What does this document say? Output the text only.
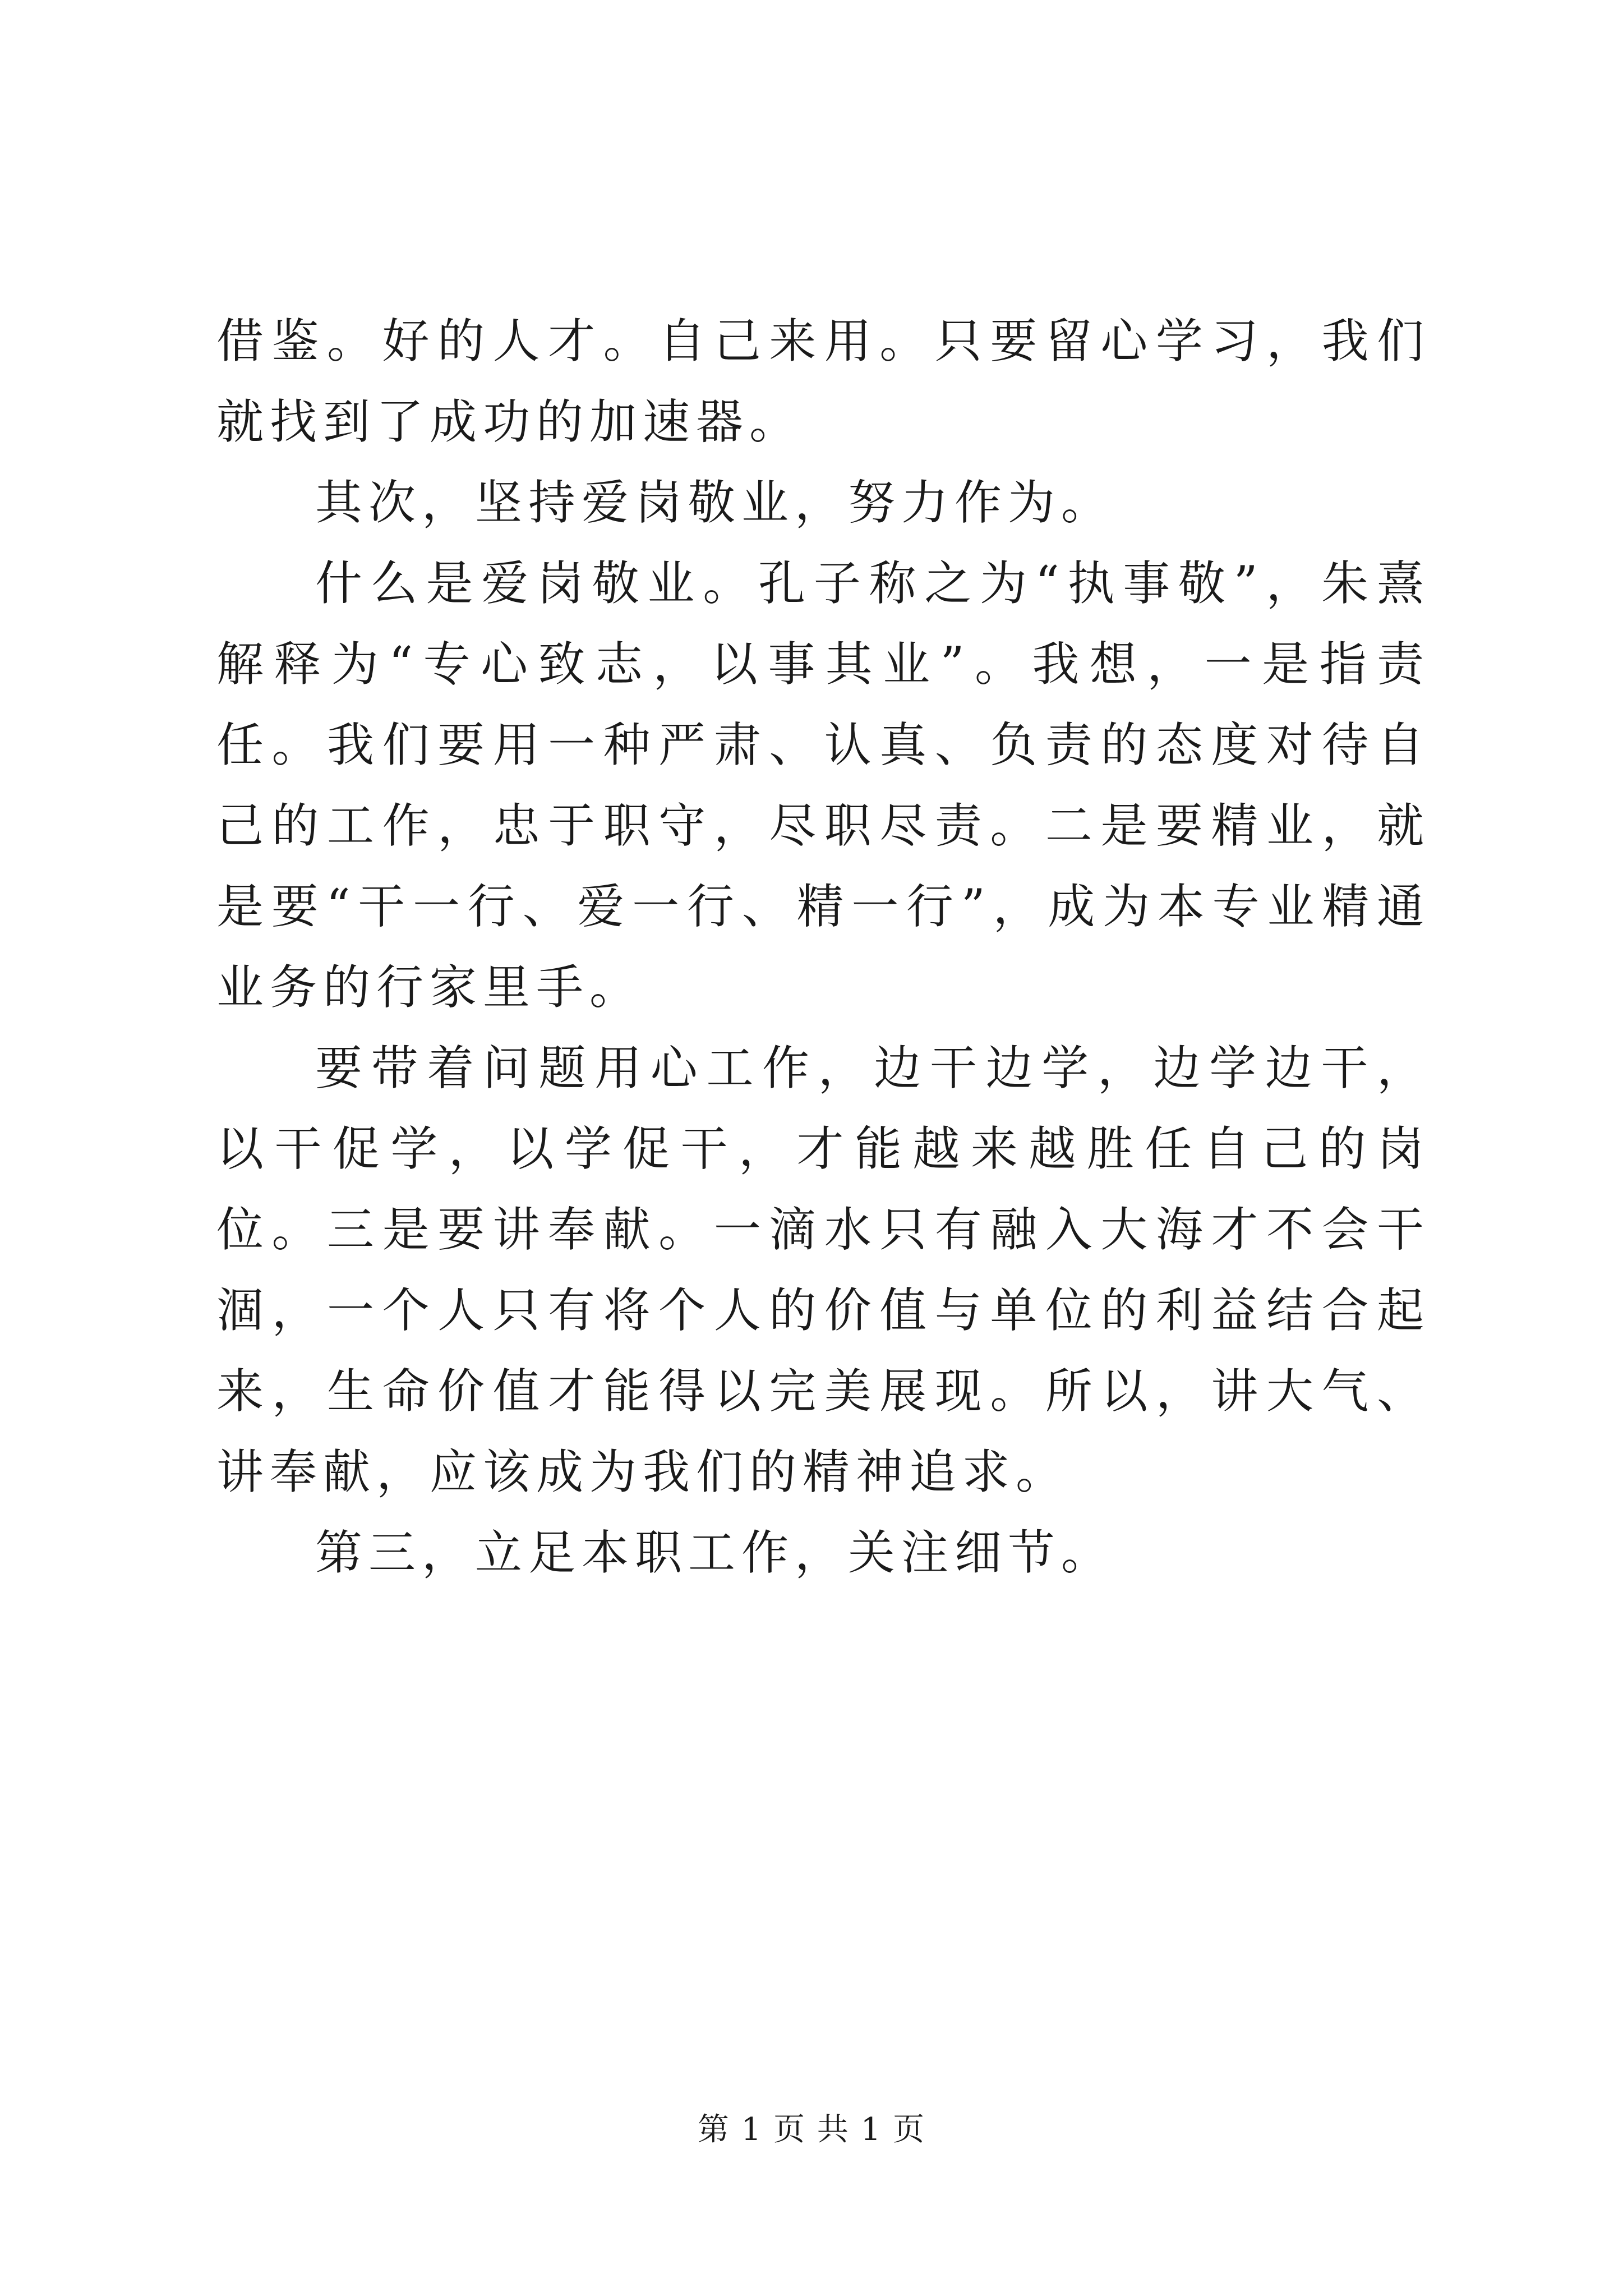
借鉴。好的人才。自己来用。只要留心学习，我们就找到了成功的加速器。

其次，坚持爱岗敬业，努力作为。

什么是爱岗敬业。孔子称之为“执事敬”，朱熹解释为“专心致志，以事其业”。我想，一是指责任。我们要用一种严肃、认真、负责的态度对待自己的工作，忠于职守，尽职尽责。二是要精业，就是要“干一行、爱一行、精一行”，成为本专业精通业务的行家里手。

要带着问题用心工作，边干边学，边学边干，以干促学，以学促干，才能越来越胜任自己的岗位。三是要讲奉献。一滴水只有融入大海才不会干涸，一个人只有将个人的价值与单位的利益结合起来，生命价值才能得以完美展现。所以，讲大气、讲奉献，应该成为我们的精神追求。

第三，立足本职工作，关注细节。

第 1 页 共 1 页
